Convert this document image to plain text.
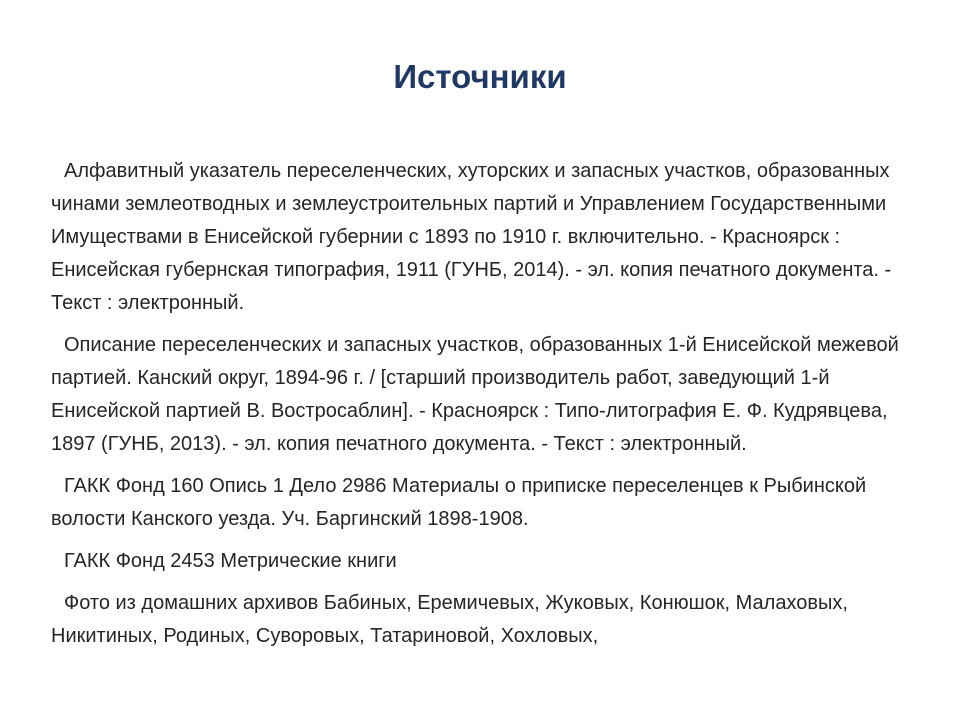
Источники

Алфавитный указатель переселенческих, хуторских и запасных участков, образованных чинами землеотводных и землеустроительных партий и Управлением Государственными Имуществами в Енисейской губернии с 1893 по 1910 г. включительно. - Красноярск : Енисейская губернская типография, 1911 (ГУНБ, 2014). - эл. копия печатного документа. - Текст : электронный.

Описание переселенческих и запасных участков, образованных 1-й Енисейской межевой партией. Канский округ, 1894-96 г. / [старший производитель работ, заведующий 1-й Енисейской партией В. Востросаблин]. - Красноярск : Типо-литография Е. Ф. Кудрявцева, 1897 (ГУНБ, 2013). - эл. копия печатного документа. - Текст : электронный.

ГАКК Фонд 160 Опись 1 Дело 2986 Материалы о приписке переселенцев к Рыбинской волости Канского уезда. Уч. Баргинский 1898-1908.

ГАКК Фонд 2453 Метрические книги

Фото из домашних архивов Бабиных, Еремичевых, Жуковых, Конюшок, Малаховых, Никитиных, Родиных, Суворовых, Татариновой, Хохловых,
